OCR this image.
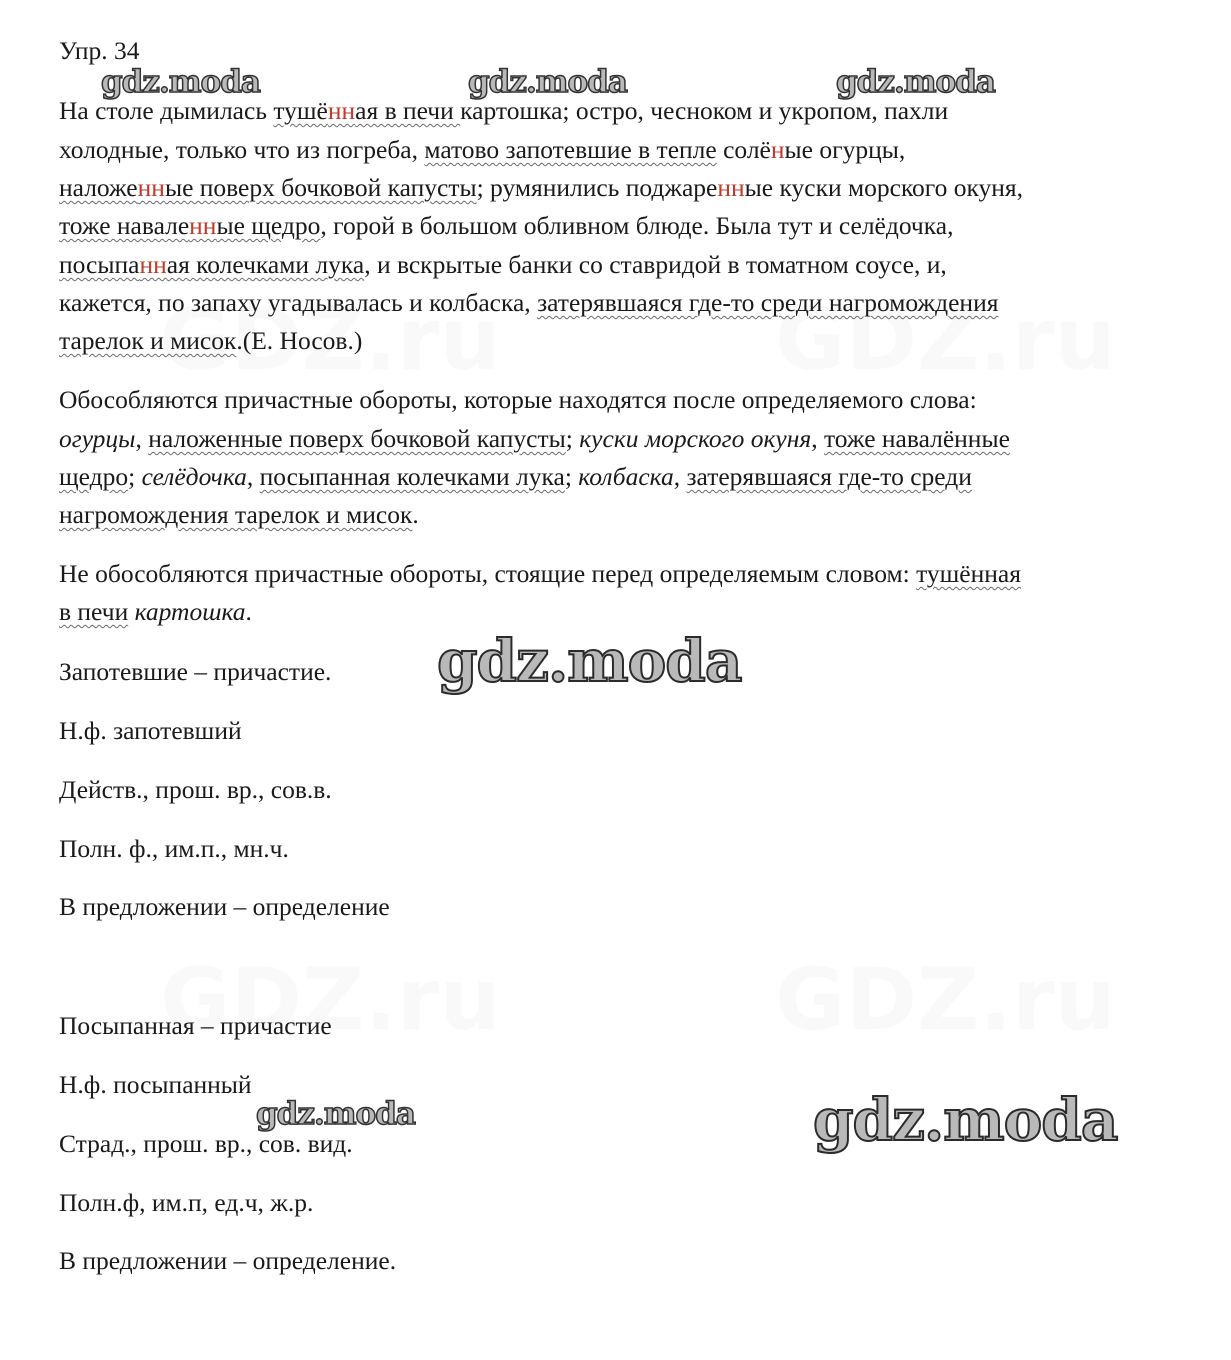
Упр. 34
На столе дымилась тушённая в печи картошка; остро, чесноком и укропом, пахли
холодные, только что из погреба, матово запотевшие в тепле солёные огурцы,
наложенные поверх бочковой капусты; румянились поджаренные куски морского окуня,
тоже наваленные щедро, горой в большом обливном блюде. Была тут и селёдочка,
посыпанная колечками лука, и вскрытые банки со ставридой в томатном соусе, и,
кажется, по запаху угадывалась и колбаска, затерявшаяся где-то среди нагромождения
тарелок и мисок.(Е. Носов.)
Обособляются причастные обороты, которые находятся после определяемого слова:
огурцы, наложенные поверх бочковой капусты; куски морского окуня, тоже навалённые
щедро; селёдочка, посыпанная колечками лука; колбаска, затерявшаяся где-то среди
нагромождения тарелок и мисок.
Не обособляются причастные обороты, стоящие перед определяемым словом: тушённая
в печи картошка.
Запотевшие – причастие.
Н.ф. запотевший
Действ., прош. вр., сов.в.
Полн. ф., им.п., мн.ч.
В предложении – определение
Посыпанная – причастие
Н.ф. посыпанный
Страд., прош. вр., сов. вид.
Полн.ф, им.п, ед.ч, ж.р.
В предложении – определение.
gdz.moda	gdz.moda	gdz.moda
gdz.moda
gdz.moda	gdz.moda
